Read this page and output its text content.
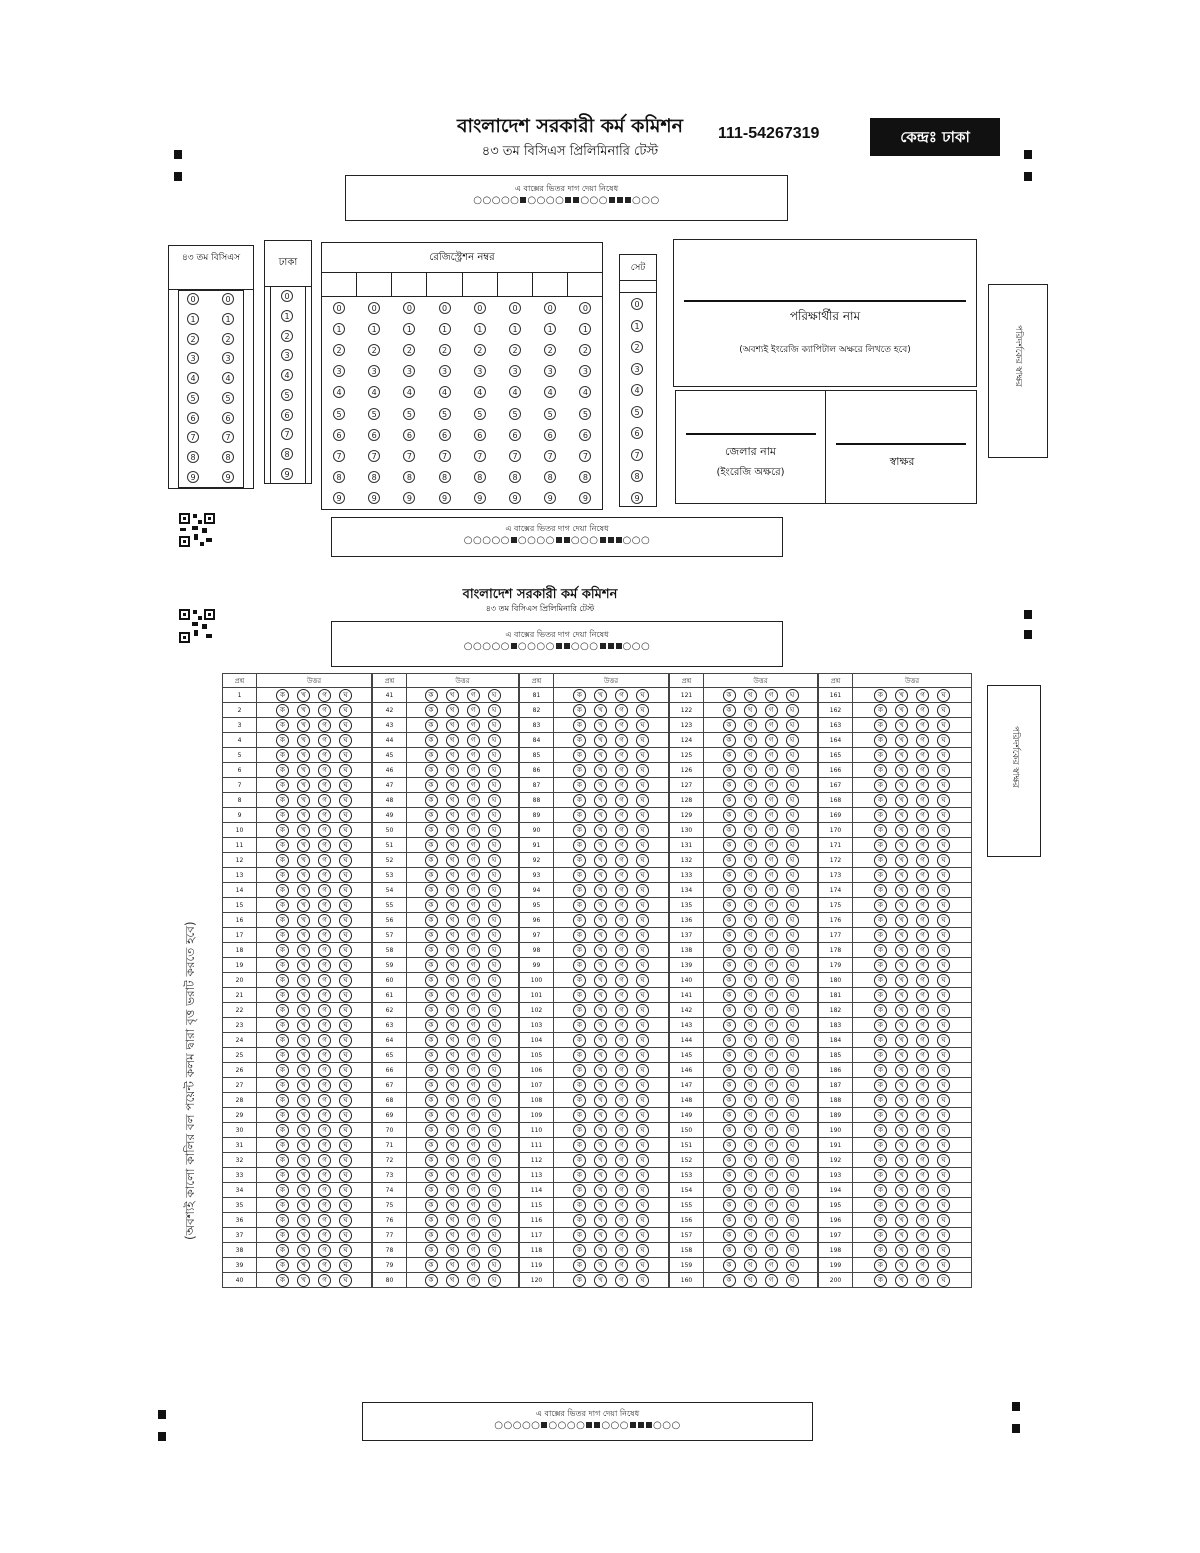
বাংলাদেশ সরকারী কর্ম কমিশন
৪৩ তম বিসিএস প্রিলিমিনারি টেস্ট
111-54267319	কেন্দ্রঃ ঢাকা
এ বাক্সের ভিতর দাগ দেয়া নিষেধ
○○○○○ ○○○○ ○○○ ○○○
৪৩ তম বিসিএস
0
1
2
3
4
5
6
7
8
9
0
1
2
3
4
5
6
7
8
9
ঢাকা
0
1
2
3
4
5
6
7
8
9
রেজিস্ট্রেশন নম্বর
0
1
2
3
4
5
6
7
8
9
0
1
2
3
4
5
6
7
8
9
0
1
2
3
4
5
6
7
8
9
0
1
2
3
4
5
6
7
8
9
0
1
2
3
4
5
6
7
8
9
0
1
2
3
4
5
6
7
8
9
0
1
2
3
4
5
6
7
8
9
0
1
2
3
4
5
6
7
8
9
সেট
0
1
2
3
4
5
6
7
8
9
পরিক্ষার্থীর নাম
(অবশ্যই ইংরেজি ক্যাপিটাল অক্ষরে লিখতে হবে)
জেলার নাম
(ইংরেজি অক্ষরে)
স্বাক্ষর
পরিদর্শকের স্বাক্ষর
এ বাক্সের ভিতর দাগ দেয়া নিষেধ
○○○○○ ○○○○ ○○○ ○○○
বাংলাদেশ সরকারী কর্ম কমিশন
৪৩ তম বিসিএস প্রিলিমিনারি টেস্ট
এ বাক্সের ভিতর দাগ দেয়া নিষেধ
○○○○○ ○○○○ ○○○ ○○○
(অবশ্যই কালো কালির বল পয়েন্ট কলম দ্বারা বৃত্ত ভরাট করতে হবে)
প্রশ্ন	উত্তর
1	ক খ গ ঘ
2	ক খ গ ঘ
3	ক খ গ ঘ
4	ক খ গ ঘ
5	ক খ গ ঘ
6	ক খ গ ঘ
7	ক খ গ ঘ
8	ক খ গ ঘ
9	ক খ গ ঘ
10	ক খ গ ঘ
11	ক খ গ ঘ
12	ক খ গ ঘ
13	ক খ গ ঘ
14	ক খ গ ঘ
15	ক খ গ ঘ
16	ক খ গ ঘ
17	ক খ গ ঘ
18	ক খ গ ঘ
19	ক খ গ ঘ
20	ক খ গ ঘ
21	ক খ গ ঘ
22	ক খ গ ঘ
23	ক খ গ ঘ
24	ক খ গ ঘ
25	ক খ গ ঘ
26	ক খ গ ঘ
27	ক খ গ ঘ
28	ক খ গ ঘ
29	ক খ গ ঘ
30	ক খ গ ঘ
31	ক খ গ ঘ
32	ক খ গ ঘ
33	ক খ গ ঘ
34	ক খ গ ঘ
35	ক খ গ ঘ
36	ক খ গ ঘ
37	ক খ গ ঘ
38	ক খ গ ঘ
39	ক খ গ ঘ
40	ক খ গ ঘ
প্রশ্ন	উত্তর
41	ক খ গ ঘ
42	ক খ গ ঘ
43	ক খ গ ঘ
44	ক খ গ ঘ
45	ক খ গ ঘ
46	ক খ গ ঘ
47	ক খ গ ঘ
48	ক খ গ ঘ
49	ক খ গ ঘ
50	ক খ গ ঘ
51	ক খ গ ঘ
52	ক খ গ ঘ
53	ক খ গ ঘ
54	ক খ গ ঘ
55	ক খ গ ঘ
56	ক খ গ ঘ
57	ক খ গ ঘ
58	ক খ গ ঘ
59	ক খ গ ঘ
60	ক খ গ ঘ
61	ক খ গ ঘ
62	ক খ গ ঘ
63	ক খ গ ঘ
64	ক খ গ ঘ
65	ক খ গ ঘ
66	ক খ গ ঘ
67	ক খ গ ঘ
68	ক খ গ ঘ
69	ক খ গ ঘ
70	ক খ গ ঘ
71	ক খ গ ঘ
72	ক খ গ ঘ
73	ক খ গ ঘ
74	ক খ গ ঘ
75	ক খ গ ঘ
76	ক খ গ ঘ
77	ক খ গ ঘ
78	ক খ গ ঘ
79	ক খ গ ঘ
80	ক খ গ ঘ
প্রশ্ন	উত্তর
81	ক খ গ ঘ
82	ক খ গ ঘ
83	ক খ গ ঘ
84	ক খ গ ঘ
85	ক খ গ ঘ
86	ক খ গ ঘ
87	ক খ গ ঘ
88	ক খ গ ঘ
89	ক খ গ ঘ
90	ক খ গ ঘ
91	ক খ গ ঘ
92	ক খ গ ঘ
93	ক খ গ ঘ
94	ক খ গ ঘ
95	ক খ গ ঘ
96	ক খ গ ঘ
97	ক খ গ ঘ
98	ক খ গ ঘ
99	ক খ গ ঘ
100	ক খ গ ঘ
101	ক খ গ ঘ
102	ক খ গ ঘ
103	ক খ গ ঘ
104	ক খ গ ঘ
105	ক খ গ ঘ
106	ক খ গ ঘ
107	ক খ গ ঘ
108	ক খ গ ঘ
109	ক খ গ ঘ
110	ক খ গ ঘ
111	ক খ গ ঘ
112	ক খ গ ঘ
113	ক খ গ ঘ
114	ক খ গ ঘ
115	ক খ গ ঘ
116	ক খ গ ঘ
117	ক খ গ ঘ
118	ক খ গ ঘ
119	ক খ গ ঘ
120	ক খ গ ঘ
প্রশ্ন	উত্তর
121	ক খ গ ঘ
122	ক খ গ ঘ
123	ক খ গ ঘ
124	ক খ গ ঘ
125	ক খ গ ঘ
126	ক খ গ ঘ
127	ক খ গ ঘ
128	ক খ গ ঘ
129	ক খ গ ঘ
130	ক খ গ ঘ
131	ক খ গ ঘ
132	ক খ গ ঘ
133	ক খ গ ঘ
134	ক খ গ ঘ
135	ক খ গ ঘ
136	ক খ গ ঘ
137	ক খ গ ঘ
138	ক খ গ ঘ
139	ক খ গ ঘ
140	ক খ গ ঘ
141	ক খ গ ঘ
142	ক খ গ ঘ
143	ক খ গ ঘ
144	ক খ গ ঘ
145	ক খ গ ঘ
146	ক খ গ ঘ
147	ক খ গ ঘ
148	ক খ গ ঘ
149	ক খ গ ঘ
150	ক খ গ ঘ
151	ক খ গ ঘ
152	ক খ গ ঘ
153	ক খ গ ঘ
154	ক খ গ ঘ
155	ক খ গ ঘ
156	ক খ গ ঘ
157	ক খ গ ঘ
158	ক খ গ ঘ
159	ক খ গ ঘ
160	ক খ গ ঘ
প্রশ্ন	উত্তর
161	ক খ গ ঘ
162	ক খ গ ঘ
163	ক খ গ ঘ
164	ক খ গ ঘ
165	ক খ গ ঘ
166	ক খ গ ঘ
167	ক খ গ ঘ
168	ক খ গ ঘ
169	ক খ গ ঘ
170	ক খ গ ঘ
171	ক খ গ ঘ
172	ক খ গ ঘ
173	ক খ গ ঘ
174	ক খ গ ঘ
175	ক খ গ ঘ
176	ক খ গ ঘ
177	ক খ গ ঘ
178	ক খ গ ঘ
179	ক খ গ ঘ
180	ক খ গ ঘ
181	ক খ গ ঘ
182	ক খ গ ঘ
183	ক খ গ ঘ
184	ক খ গ ঘ
185	ক খ গ ঘ
186	ক খ গ ঘ
187	ক খ গ ঘ
188	ক খ গ ঘ
189	ক খ গ ঘ
190	ক খ গ ঘ
191	ক খ গ ঘ
192	ক খ গ ঘ
193	ক খ গ ঘ
194	ক খ গ ঘ
195	ক খ গ ঘ
196	ক খ গ ঘ
197	ক খ গ ঘ
198	ক খ গ ঘ
199	ক খ গ ঘ
200	ক খ গ ঘ
পরিদর্শকের স্বাক্ষর
এ বাক্সের ভিতর দাগ দেয়া নিষেধ
○○○○○ ○○○○ ○○○ ○○○
